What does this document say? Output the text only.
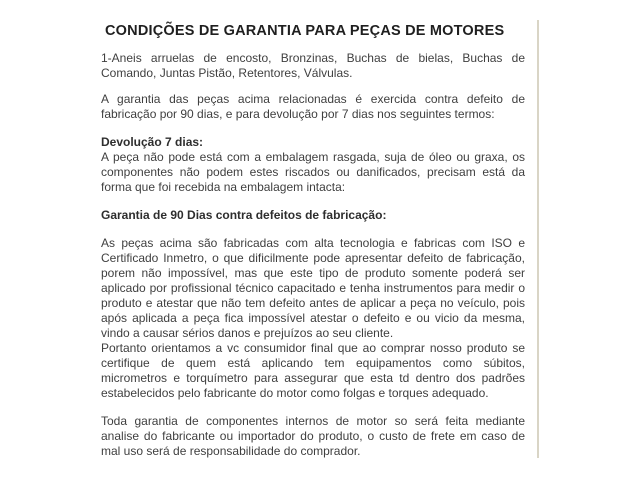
CONDIÇÕES DE GARANTIA PARA PEÇAS DE MOTORES

1-Aneis arruelas de encosto, Bronzinas, Buchas de bielas, Buchas de Comando, Juntas Pistão, Retentores, Válvulas.

A garantia das peças acima relacionadas é exercida contra defeito de fabricação por 90 dias, e para devolução por 7 dias nos seguintes termos:

Devolução 7 dias:
A peça não pode está com a embalagem rasgada, suja de óleo ou graxa, os componentes não podem estes riscados ou danificados, precisam está da forma que foi recebida na embalagem intacta:

Garantia de 90 Dias contra defeitos de fabricação:

As peças acima são fabricadas com alta tecnologia e fabricas com ISO e Certificado Inmetro, o que dificilmente pode apresentar defeito de fabricação, porem não impossível, mas que este tipo de produto somente poderá ser aplicado por profissional técnico capacitado e tenha instrumentos para medir o produto e atestar que não tem defeito antes de aplicar a peça no veículo, pois após aplicada a peça fica impossível atestar o defeito e ou vicio da mesma, vindo a causar sérios danos e prejuízos ao seu cliente.

Portanto orientamos a vc consumidor final que ao comprar nosso produto se certifique de quem está aplicando tem equipamentos como súbitos, micrometros e torquímetro para assegurar que esta td dentro dos padrões estabelecidos pelo fabricante do motor como folgas e torques adequado.

Toda garantia de componentes internos de motor so será feita mediante analise do fabricante ou importador do produto, o custo de frete em caso de mal uso será de responsabilidade do comprador.
